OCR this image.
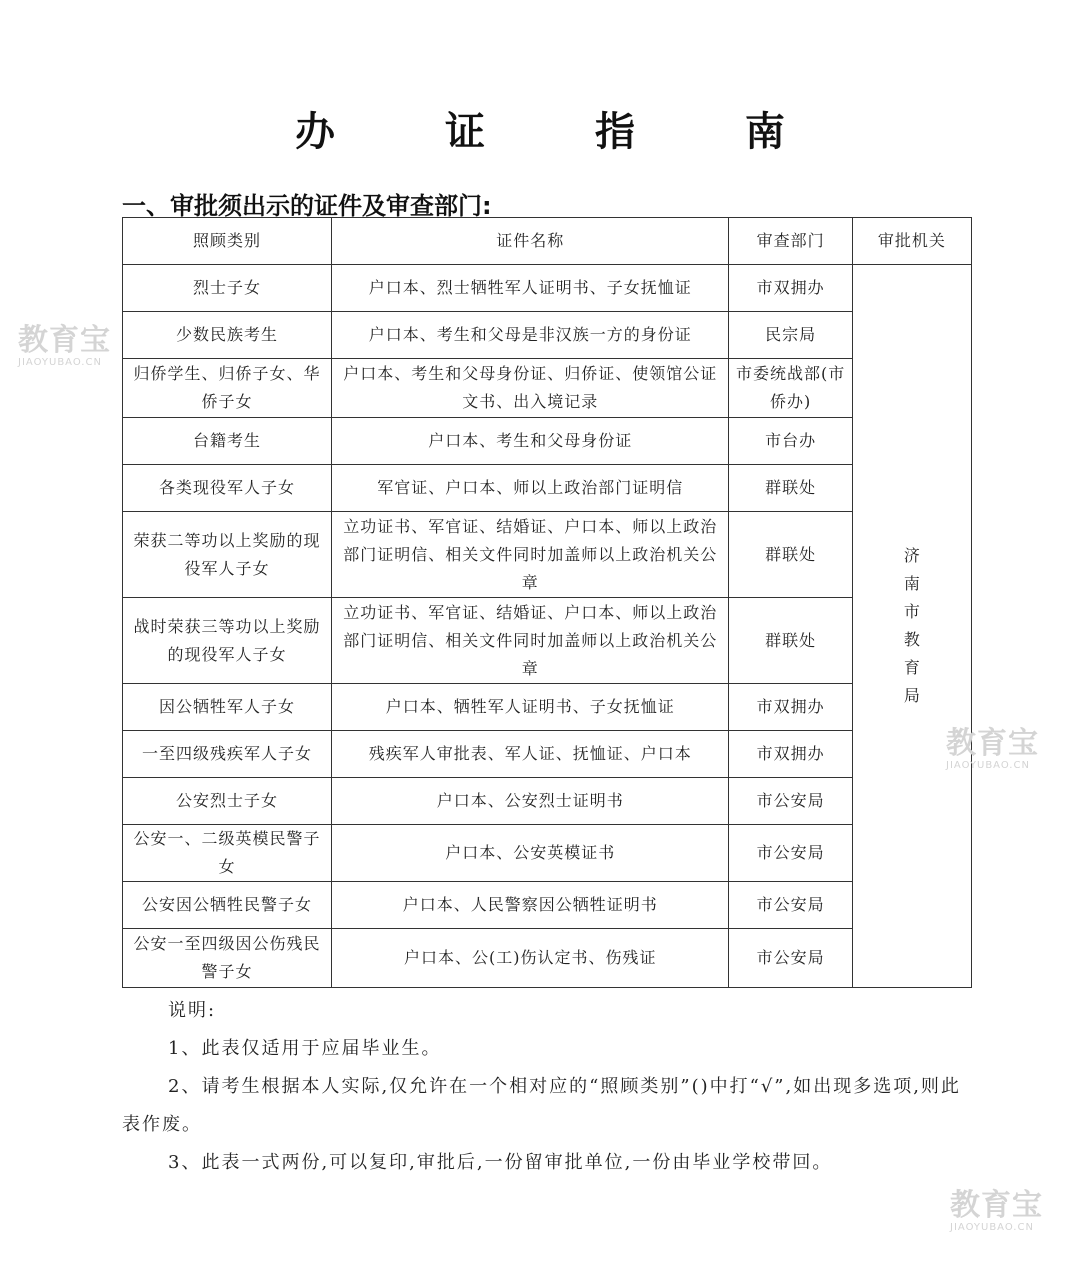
办 证 指 南
一、审批须出示的证件及审查部门:
照顾类别	证件名称	审查部门	审批机关
烈士子女	户口本、烈士牺牲军人证明书、子女抚恤证	市双拥办	济南市教育局

少数民族考生	户口本、考生和父母是非汉族一方的身份证	民宗局	
归侨学生、归侨子女、华侨子女	户口本、考生和父母身份证、归侨证、使领馆公证文书、出入境记录	市委统战部(市侨办)	
台籍考生	户口本、考生和父母身份证	市台办	
各类现役军人子女	军官证、户口本、师以上政治部门证明信	群联处	
荣获二等功以上奖励的现役军人子女	立功证书、军官证、结婚证、户口本、师以上政治部门证明信、相关文件同时加盖师以上政治机关公章	群联处	
战时荣获三等功以上奖励的现役军人子女	立功证书、军官证、结婚证、户口本、师以上政治部门证明信、相关文件同时加盖师以上政治机关公章	群联处	
因公牺牲军人子女	户口本、牺牲军人证明书、子女抚恤证	市双拥办	
一至四级残疾军人子女	残疾军人审批表、军人证、抚恤证、户口本	市双拥办	
公安烈士子女	户口本、公安烈士证明书	市公安局	
公安一、二级英模民警子女	户口本、公安英模证书	市公安局	
公安因公牺牲民警子女	户口本、人民警察因公牺牲证明书	市公安局	
公安一至四级因公伤残民警子女	户口本、公(工)伤认定书、伤残证	市公安局	

说明:

1、此表仅适用于应届毕业生。

2、请考生根据本人实际,仅允许在一个相对应的“照顾类别”()中打“√”,如出现多选项,则此表作废。

3、此表一式两份,可以复印,审批后,一份留审批单位,一份由毕业学校带回。

教育宝
JIAOYUBAO.CN
教育宝
JIAOYUBAO.CN
教育宝
JIAOYUBAO.CN
